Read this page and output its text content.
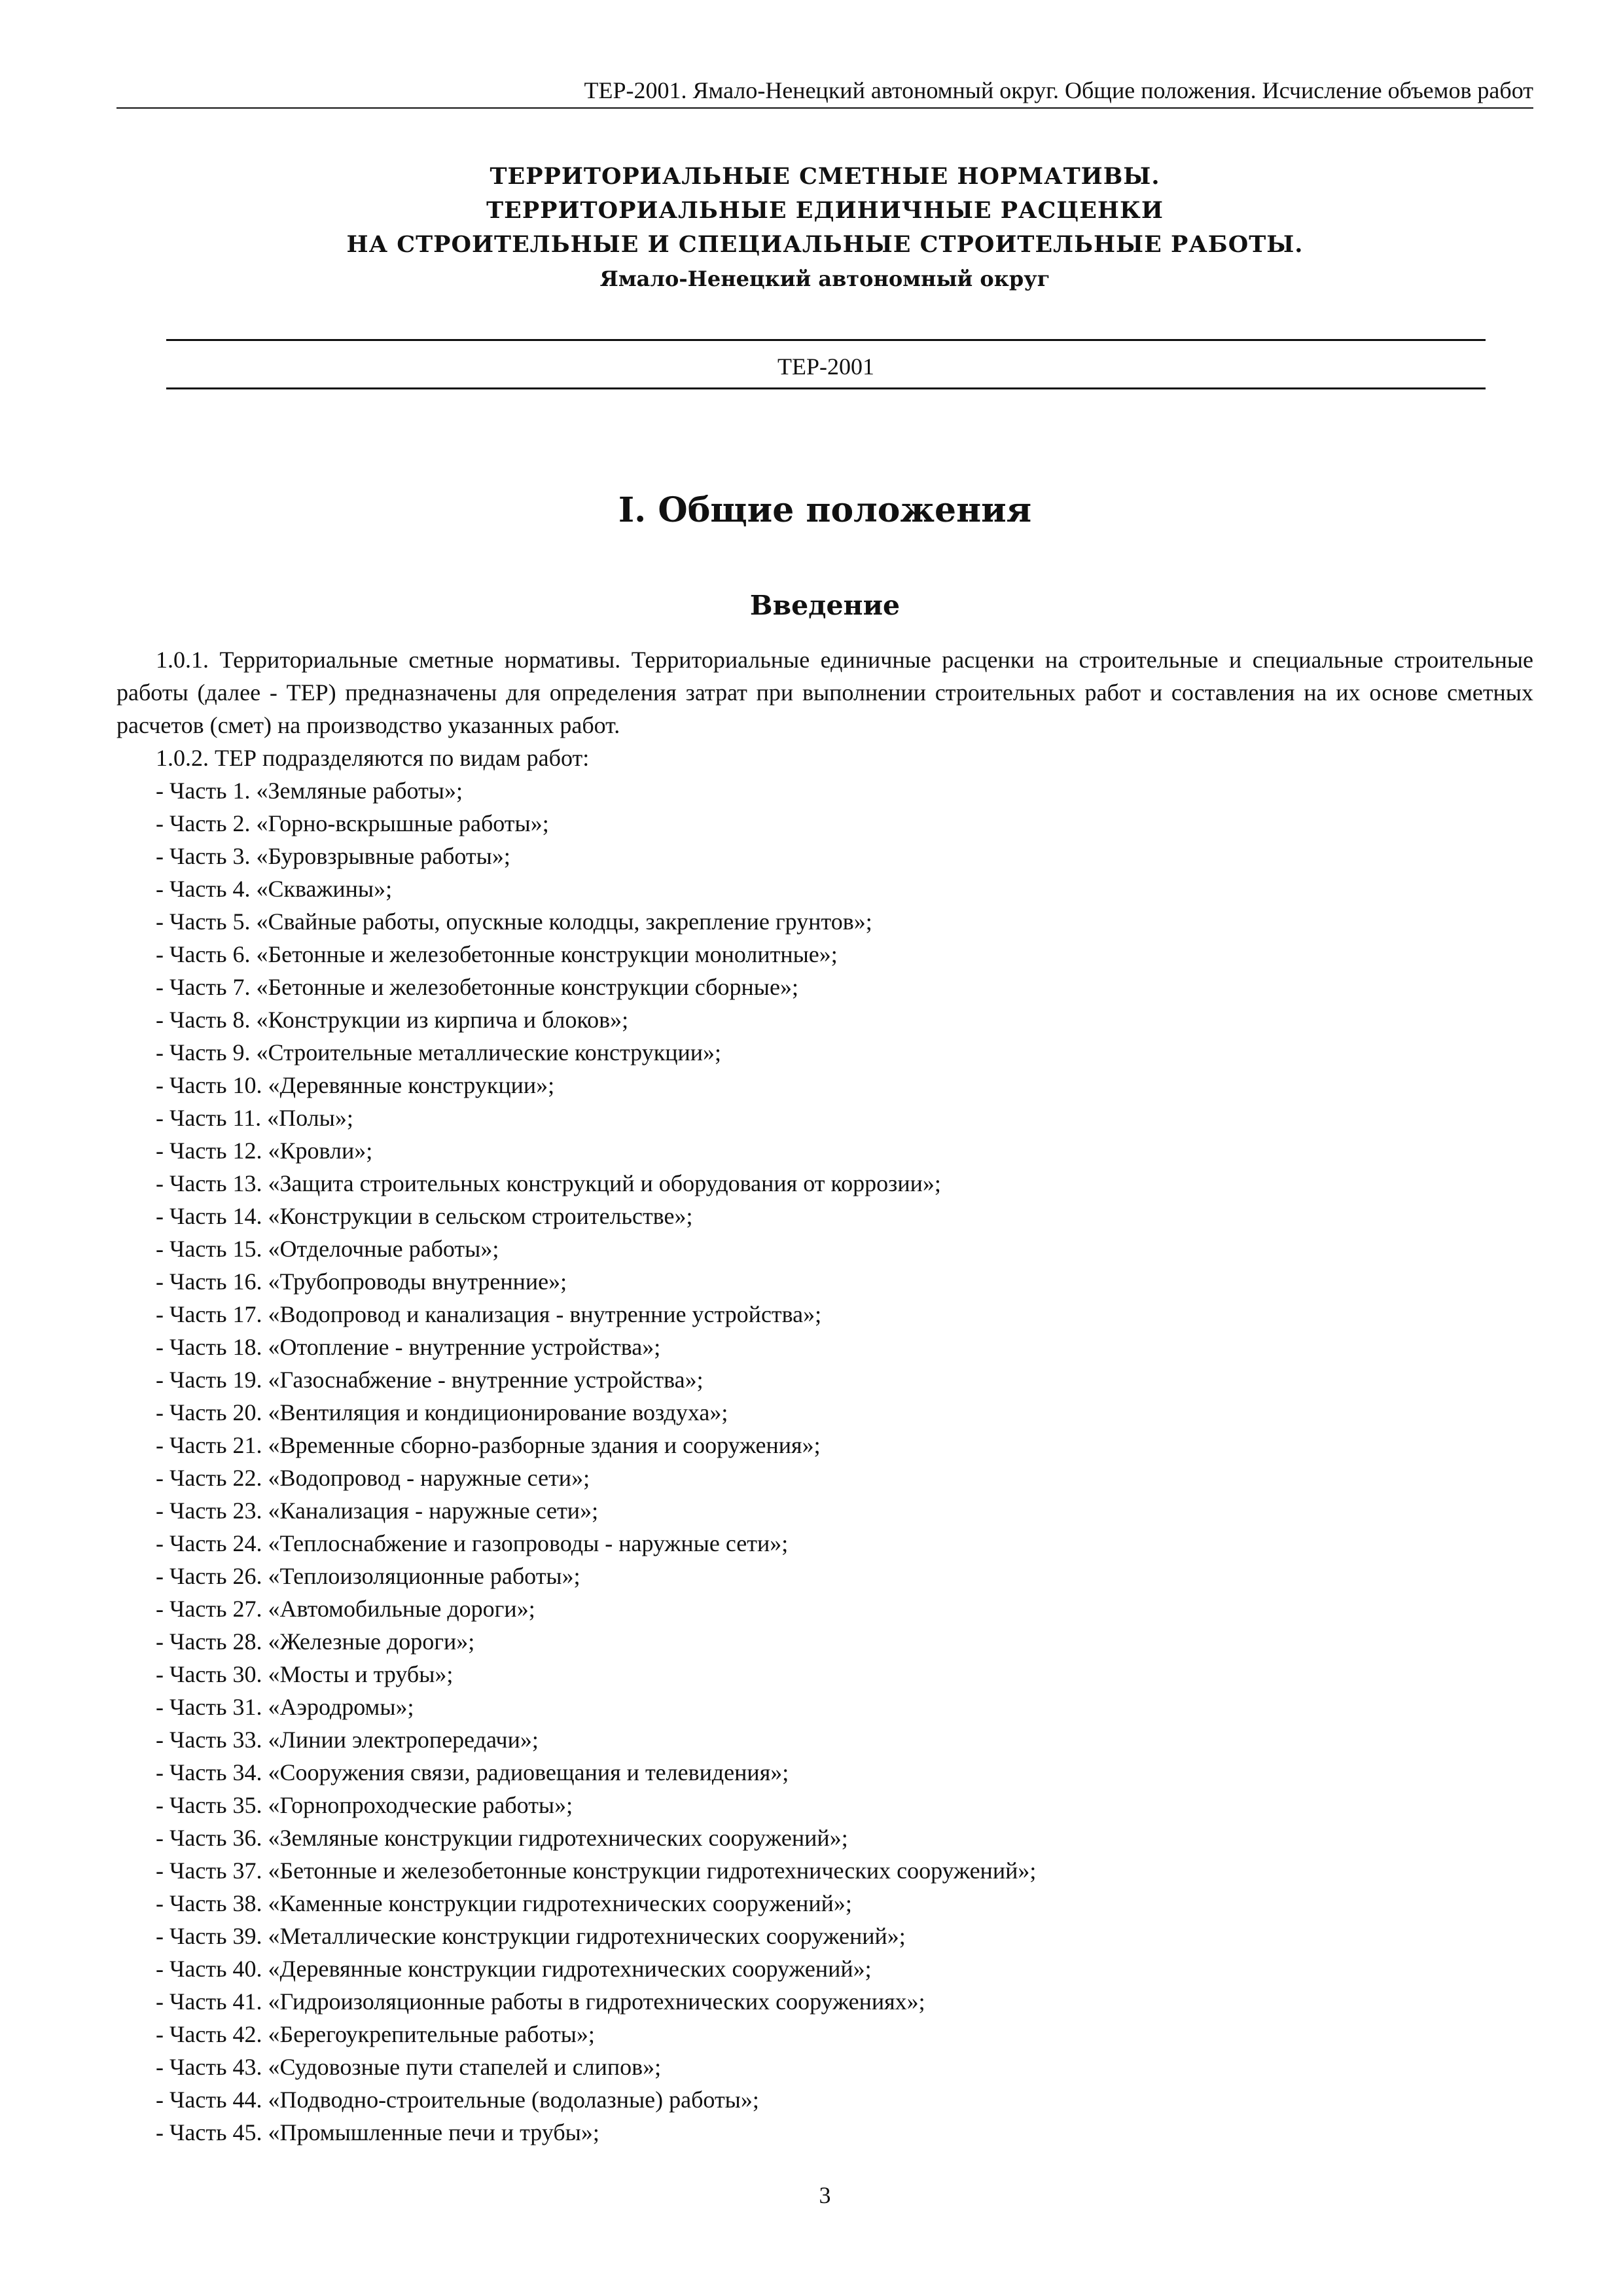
ТЕР-2001. Ямало-Ненецкий автономный округ. Общие положения. Исчисление объемов работ
ТЕРРИТОРИАЛЬНЫЕ СМЕТНЫЕ НОРМАТИВЫ.
ТЕРРИТОРИАЛЬНЫЕ ЕДИНИЧНЫЕ РАСЦЕНКИ
НА СТРОИТЕЛЬНЫЕ И СПЕЦИАЛЬНЫЕ СТРОИТЕЛЬНЫЕ РАБОТЫ.
Ямало-Ненецкий автономный округ
ТЕР-2001
I. Общие положения
Введение

1.0.1. Территориальные сметные нормативы. Территориальные единичные расценки на строительные и специальные строительные работы (далее - ТЕР) предназначены для определения затрат при выполнении строительных работ и составления на их основе сметных расчетов (смет) на производство указанных работ.

1.0.2. ТЕР подразделяются по видам работ:

- Часть 1. «Земляные работы»;
- Часть 2. «Горно-вскрышные работы»;
- Часть 3. «Буровзрывные работы»;
- Часть 4. «Скважины»;
- Часть 5. «Свайные работы, опускные колодцы, закрепление грунтов»;
- Часть 6. «Бетонные и железобетонные конструкции монолитные»;
- Часть 7. «Бетонные и железобетонные конструкции сборные»;
- Часть 8. «Конструкции из кирпича и блоков»;
- Часть 9. «Строительные металлические конструкции»;
- Часть 10. «Деревянные конструкции»;
- Часть 11. «Полы»;
- Часть 12. «Кровли»;
- Часть 13. «Защита строительных конструкций и оборудования от коррозии»;
- Часть 14. «Конструкции в сельском строительстве»;
- Часть 15. «Отделочные работы»;
- Часть 16. «Трубопроводы внутренние»;
- Часть 17. «Водопровод и канализация - внутренние устройства»;
- Часть 18. «Отопление - внутренние устройства»;
- Часть 19. «Газоснабжение - внутренние устройства»;
- Часть 20. «Вентиляция и кондиционирование воздуха»;
- Часть 21. «Временные сборно-разборные здания и сооружения»;
- Часть 22. «Водопровод - наружные сети»;
- Часть 23. «Канализация - наружные сети»;
- Часть 24. «Теплоснабжение и газопроводы - наружные сети»;
- Часть 26. «Теплоизоляционные работы»;
- Часть 27. «Автомобильные дороги»;
- Часть 28. «Железные дороги»;
- Часть 30. «Мосты и трубы»;
- Часть 31. «Аэродромы»;
- Часть 33. «Линии электропередачи»;
- Часть 34. «Сооружения связи, радиовещания и телевидения»;
- Часть 35. «Горнопроходческие работы»;
- Часть 36. «Земляные конструкции гидротехнических сооружений»;
- Часть 37. «Бетонные и железобетонные конструкции гидротехнических сооружений»;
- Часть 38. «Каменные конструкции гидротехнических сооружений»;
- Часть 39. «Металлические конструкции гидротехнических сооружений»;
- Часть 40. «Деревянные конструкции гидротехнических сооружений»;
- Часть 41. «Гидроизоляционные работы в гидротехнических сооружениях»;
- Часть 42. «Берегоукрепительные работы»;
- Часть 43. «Судовозные пути стапелей и слипов»;
- Часть 44. «Подводно-строительные (водолазные) работы»;
- Часть 45. «Промышленные печи и трубы»;
3
